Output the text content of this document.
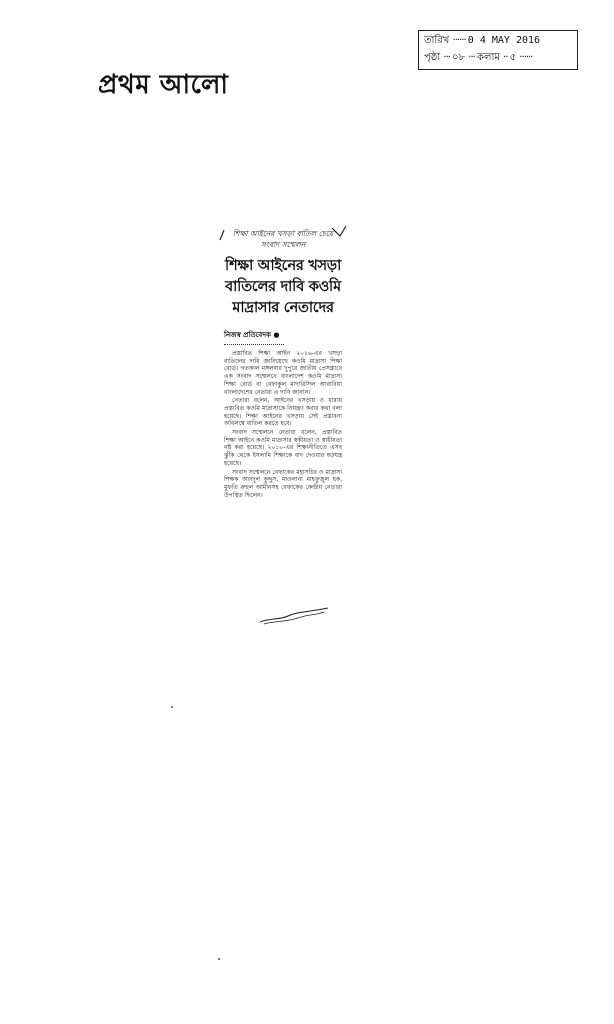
প্রথম আলো
তারিখ ······ 0 4 MAY 2016
পৃষ্ঠা ··· ০৮ ··· কলাম ·· ৫ ······
শিক্ষা আইনের খসড়া বাতিল চেয়ে সংবাদ সম্মেলন
শিক্ষা আইনের খসড়া বাতিলের দাবি কওমি মাদ্রাসার নেতাদের
নিজস্ব প্রতিবেদক ●

প্রস্তাবিত শিক্ষা আইন ২০১৬-এর খসড়া বাতিলের দাবি জানিয়েছে কওমি মাদ্রাসা শিক্ষা বোর্ড। গতকাল মঙ্গলবার দুপুরে জাতীয় প্রেসক্লাবে এক সংবাদ সম্মেলনে বাংলাদেশ কওমি মাদ্রাসা শিক্ষা বোর্ড বা বেফাকুল মাদারিসিল আরাবিয়া বাংলাদেশের নেতারা এ দাবি জানান।

নেতারা বলেন, আইনের খসড়ায় ও ধারায় প্রস্তাবিত কওমি মাদ্রাসাকে নিয়ন্ত্রণ করার কথা বলা হয়েছে। শিক্ষা আইনের খসড়ায় সেই প্রস্তাবনা অবিলম্বে বাতিল করতে হবে।

সংবাদ সম্মেলনে নেতারা বলেন, প্রস্তাবিত শিক্ষা আইনে কওমি মাদ্রাসার স্বকীয়তা ও স্বাধীনতা নষ্ট করা হয়েছে। ২০১০-এর শিক্ষানীতিতে এসব ঝুঁকি থেকে ইসলামি শিক্ষাকে বাদ দেওয়ার ষড়যন্ত্র হয়েছে।

সংবাদ সম্মেলনে বেফাকের মহাসচিব ও মাদ্রাসা শিক্ষক আবদুল কুদ্দুস, মাওলানা মাহফুজুল হক, মুফতি রুহুল আমীনসহ বেফাকের কেন্দ্রীয় নেতারা উপস্থিত ছিলেন।
